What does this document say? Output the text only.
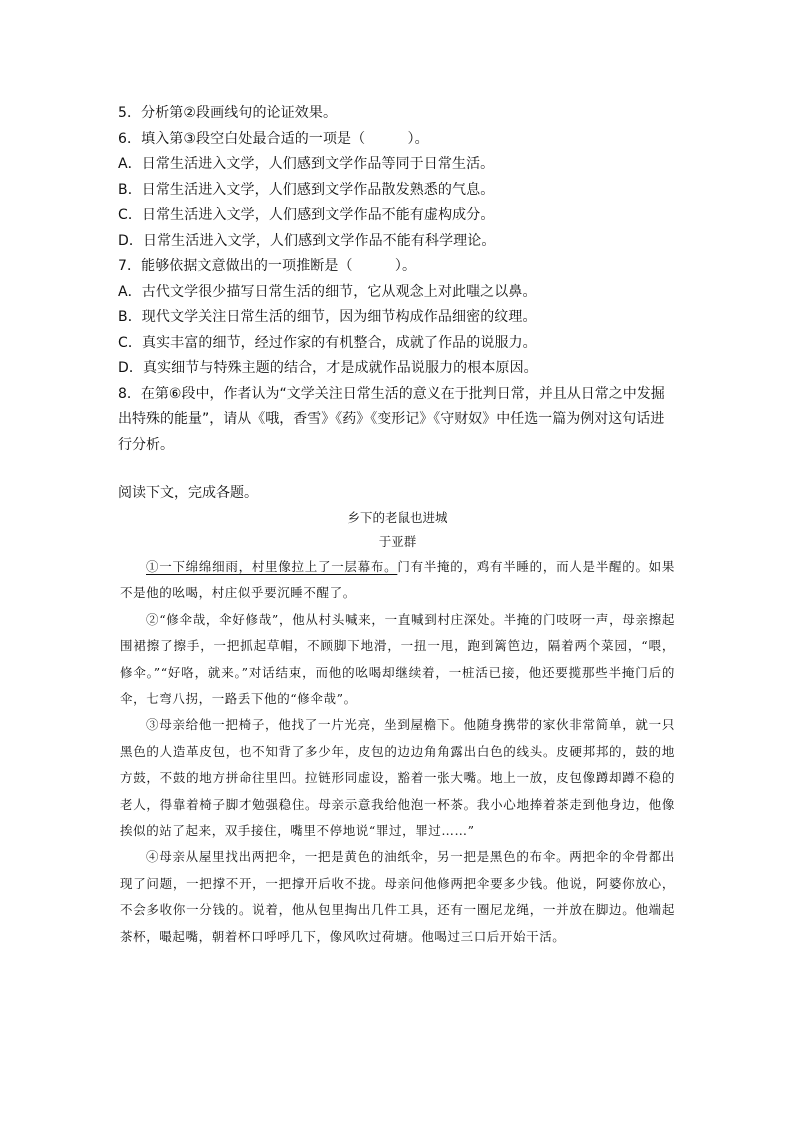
5．分析第②段画线句的论证效果。
6．填入第③段空白处最合适的一项是（　　　）。
A．日常生活进入文学，人们感到文学作品等同于日常生活。
B．日常生活进入文学，人们感到文学作品散发熟悉的气息。
C．日常生活进入文学，人们感到文学作品不能有虚构成分。
D．日常生活进入文学，人们感到文学作品不能有科学理论。
7．能够依据文意做出的一项推断是（　　　）。
A．古代文学很少描写日常生活的细节，它从观念上对此嗤之以鼻。
B．现代文学关注日常生活的细节，因为细节构成作品细密的纹理。
C．真实丰富的细节，经过作家的有机整合，成就了作品的说服力。
D．真实细节与特殊主题的结合，才是成就作品说服力的根本原因。
8．在第⑥段中，作者认为“文学关注日常生活的意义在于批判日常，并且从日常之中发掘出特殊的能量”，请从《哦，香雪》《药》《变形记》《守财奴》中任选一篇为例对这句话进行分析。
阅读下文，完成各题。
乡下的老鼠也进城
于亚群

①一下绵绵细雨，村里像拉上了一层幕布。门有半掩的，鸡有半睡的，而人是半醒的。如果不是他的吆喝，村庄似乎要沉睡不醒了。

②“修伞哉，伞好修哉”，他从村头喊来，一直喊到村庄深处。半掩的门吱呀一声，母亲擦起围裙擦了擦手，一把抓起草帽，不顾脚下地滑，一扭一甩，跑到篱笆边，隔着两个菜园，“喂，修伞。”“好咯，就来。”对话结束，而他的吆喝却继续着，一桩活已接，他还要揽那些半掩门后的伞，七弯八拐，一路丢下他的“修伞哉”。

③母亲给他一把椅子，他找了一片光亮，坐到屋檐下。他随身携带的家伙非常简单，就一只黑色的人造革皮包，也不知背了多少年，皮包的边边角角露出白色的线头。皮硬邦邦的，鼓的地方鼓，不鼓的地方拼命往里凹。拉链形同虚设，豁着一张大嘴。地上一放，皮包像蹲却蹲不稳的老人，得靠着椅子脚才勉强稳住。母亲示意我给他泡一杯茶。我小心地捧着茶走到他身边，他像挨似的站了起来，双手接住，嘴里不停地说“罪过，罪过……”

④母亲从屋里找出两把伞，一把是黄色的油纸伞，另一把是黑色的布伞。两把伞的伞骨都出现了问题，一把撑不开，一把撑开后收不拢。母亲问他修两把伞要多少钱。他说，阿婆你放心，不会多收你一分钱的。说着，他从包里掏出几件工具，还有一圈尼龙绳，一并放在脚边。他端起茶杯，嘬起嘴，朝着杯口呼呼几下，像风吹过荷塘。他喝过三口后开始干活。
